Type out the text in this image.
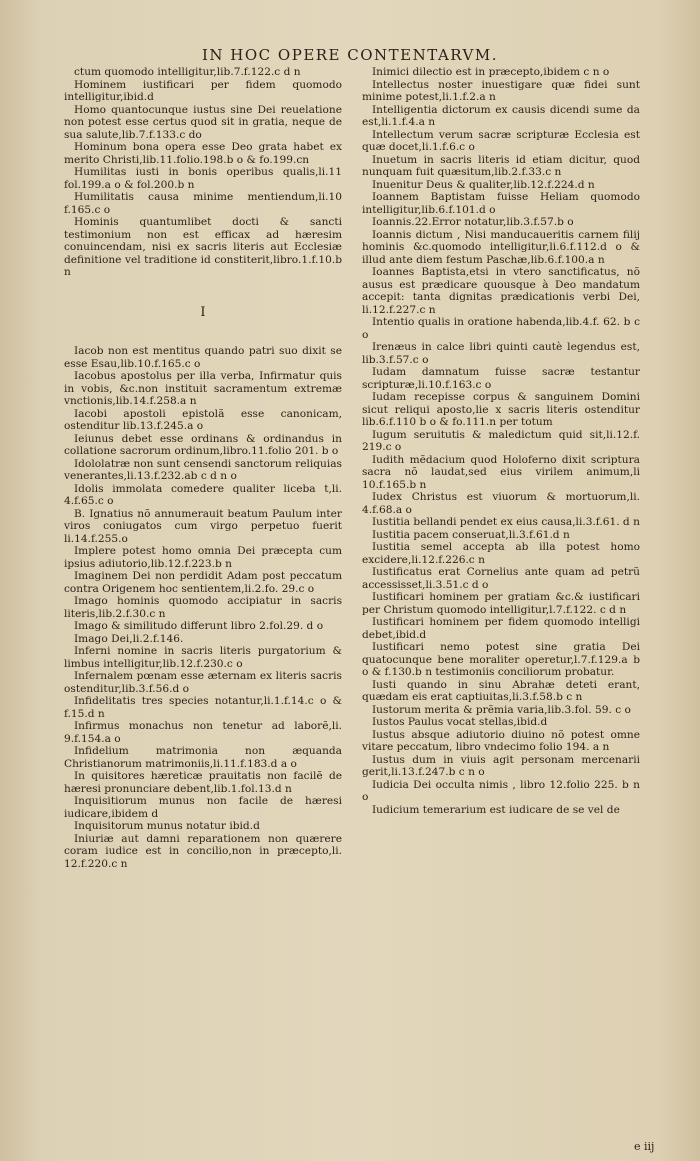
IN HOC OPERE CONTENTARVM.

ctum quomodo intelligitur,lib.7.f.122.c d n

Hominem iustificari per fidem quomodo intelligitur,ibid.d

Homo quantocunque iustus sine Dei reuelatione non potest esse certus quod sit in gratia, neque de sua salute,lib.7.f.133.c do

Hominum bona opera esse Deo grata habet ex merito Christi,lib.11.folio.198.b o & fo.199.cn

Humilitas iusti in bonis operibus qualis,li.11 fol.199.a o & fol.200.b n

Humilitatis causa minime mentiendum,li.10 f.165.c o

Hominis quantumlibet docti & sancti testimonium non est efficax ad hæresim conuincendam, nisi ex sacris literis aut Ecclesiæ definitione vel traditione id constiterit,libro.1.f.10.b n

I

Iacob non est mentitus quando patri suo dixit se esse Esau,lib.10.f.165.c o

Iacobus apostolus per illa verba, Infirmatur quis in vobis, &c.non instituit sacramentum extremæ vnctionis,lib.14.f.258.a n

Iacobi apostoli epistolã esse canonicam, ostenditur lib.13.f.245.a o

Ieiunus debet esse ordinans & ordinandus in collatione sacrorum ordinum,libro.11.folio 201. b o

Idololatræ non sunt censendi sanctorum reliquias venerantes,li.13.f.232.ab c d n o

Idolis immolata comedere qualiter liceba t,li. 4.f.65.c o

B. Ignatius nõ annumerauit beatum Paulum inter viros coniugatos cum virgo perpetuo fuerit li.14.f.255.o

Implere potest homo omnia Dei præcepta cum ipsius adiutorio,lib.12.f.223.b n

Imaginem Dei non perdidit Adam post peccatum contra Origenem hoc sentientem,li.2.fo. 29.c o

Imago hominis quomodo accipiatur in sacris literis,lib.2.f.30.c n

Imago & similitudo differunt libro 2.fol.29. d o

Imago Dei,li.2.f.146.

Inferni nomine in sacris literis purgatorium & limbus intelligitur,lib.12.f.230.c o

Infernalem pœnam esse æternam ex literis sacris ostenditur,lib.3.f.56.d o

Infidelitatis tres species notantur,li.1.f.14.c o & f.15.d n

Infirmus monachus non tenetur ad laborẽ,li. 9.f.154.a o

Infidelium matrimonia non æquanda Christianorum matrimoniis,li.11.f.183.d a o

In quisitores hæreticæ prauitatis non facilẽ de hæresi pronunciare debent,lib.1.fol.13.d n

Inquisitiorum munus non facile de hæresi iudicare,ibidem d

Inquisitorum munus notatur ibid.d

Iniuriæ aut damni reparationem non quærere coram iudice est in concilio,non in præcepto,li. 12.f.220.c n

Inimici dilectio est in præcepto,ibidem c n o

Intellectus noster inuestigare quæ fidei sunt minime potest,li.1.f.2.a n

Intelligentia dictorum ex causis dicendi sume da est,li.1.f.4.a n

Intellectum verum sacræ scripturæ Ecclesia est quæ docet,li.1.f.6.c o

Inuetum in sacris literis id etiam dicitur, quod nunquam fuit quæsitum,lib.2.f.33.c n

Inuenitur Deus & qualiter,lib.12.f.224.d n

Ioannem Baptistam fuisse Heliam quomodo intelligitur,lib.6.f.101.d o

Ioannis.22.Error notatur,lib.3.f.57.b o

Ioannis dictum , Nisi manducaueritis carnem filij hominis &c.quomodo intelligitur,li.6.f.112.d o & illud ante diem festum Paschæ,lib.6.f.100.a n

Ioannes Baptista,etsi in vtero sanctificatus, nõ ausus est prædicare quousque à Deo mandatum accepit: tanta dignitas prædicationis verbi Dei, li.12.f.227.c n

Intentio qualis in oratione habenda,lib.4.f. 62. b c o

Irenæus in calce libri quinti cautè legendus est, lib.3.f.57.c o

Iudam damnatum fuisse sacræ testantur scripturæ,li.10.f.163.c o

Iudam recepisse corpus & sanguinem Domini sicut reliqui aposto,lie x sacris literis ostenditur lib.6.f.110 b o & fo.111.n per totum

Iugum seruitutis & maledictum quid sit,li.12.f. 219.c o

Iudith mẽdacium quod Holoferno dixit scriptura sacra nõ laudat,sed eius virilem animum,li 10.f.165.b n

Iudex Christus est viuorum & mortuorum,li. 4.f.68.a o

Iustitia bellandi pendet ex eius causa,li.3.f.61. d n

Iustitia pacem conseruat,li.3.f.61.d n

Iustitia semel accepta ab illa potest homo excidere,li.12.f.226.c n

Iustificatus erat Cornelius ante quam ad petrũ accessisset,li.3.51.c d o

Iustificari hominem per gratiam &c.& iustificari per Christum quomodo intelligitur,l.7.f.122. c d n

Iustificari hominem per fidem quomodo intelligi debet,ibid.d

Iustificari nemo potest sine gratia Dei quatocunque bene moraliter operetur,l.7.f.129.a b o & f.130.b n testimoniis conciliorum probatur.

Iusti quando in sinu Abrahæ deteti erant, quædam eis erat captiuitas,li.3.f.58.b c n

Iustorum merita & prẽmia varia,lib.3.fol. 59. c o

Iustos Paulus vocat stellas,ibid.d

Iustus absque adiutorio diuino nõ potest omne vitare peccatum, libro vndecimo folio 194. a n

Iustus dum in viuis agit personam mercenarii gerit,li.13.f.247.b c n o

Iudicia Dei occulta nimis , libro 12.folio 225. b n o

Iudicium temerarium est iudicare de se vel de

e iij
